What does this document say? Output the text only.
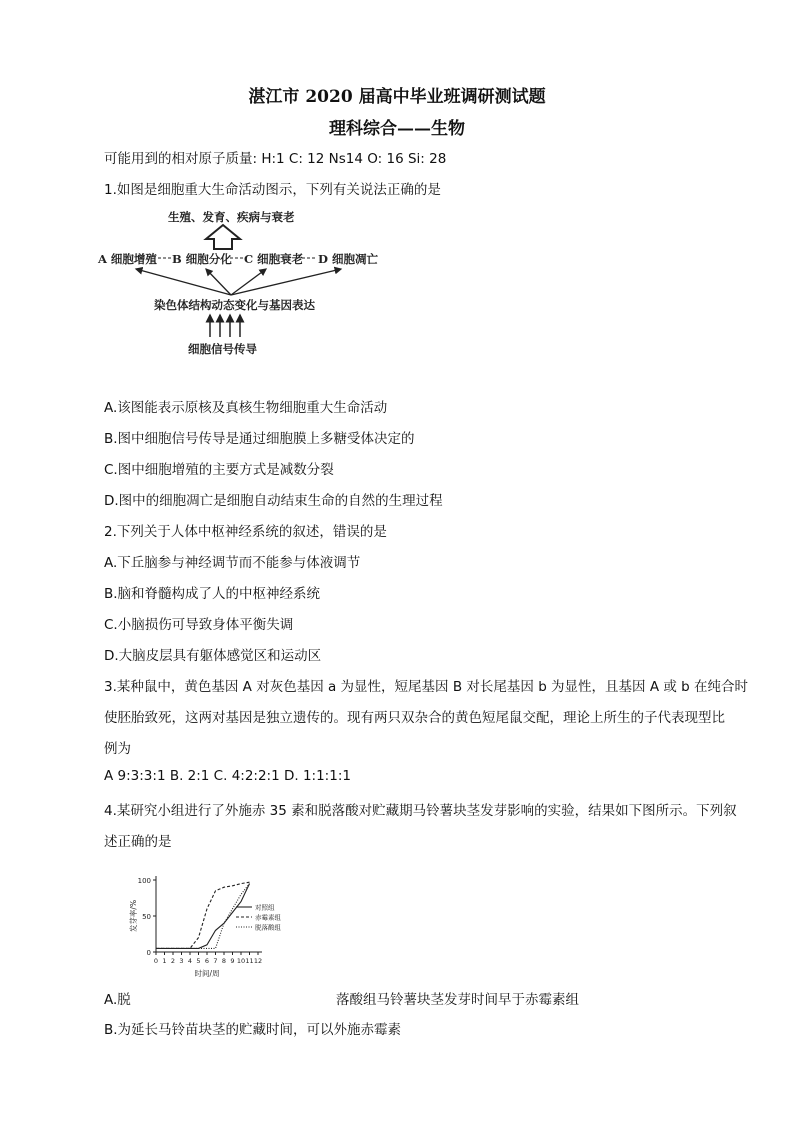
湛江市 2020 届高中毕业班调研测试题
理科综合——生物
可能用到的相对原子质量: H:1 C: 12 Ns14 O: 16 Si: 28
1.如图是细胞重大生命活动图示，下列有关说法正确的是
生殖、发育、疾病与衰老
A 细胞增殖 B 细胞分化 C 细胞衰老 D 细胞凋亡
染色体结构动态变化与基因表达
细胞信号传导
A.该图能表示原核及真核生物细胞重大生命活动
B.图中细胞信号传导是通过细胞膜上多糖受体决定的
C.图中细胞增殖的主要方式是减数分裂
D.图中的细胞凋亡是细胞自动结束生命的自然的生理过程
2.下列关于人体中枢神经系统的叙述，错误的是
A.下丘脑参与神经调节而不能参与体液调节
B.脑和脊髓构成了人的中枢神经系统
C.小脑损伤可导致身体平衡失调
D.大脑皮层具有躯体感觉区和运动区
3.某种鼠中，黄色基因 A 对灰色基因 a 为显性，短尾基因 B 对长尾基因 b 为显性，且基因 A 或 b 在纯合时
使胚胎致死，这两对基因是独立遗传的。现有两只双杂合的黄色短尾鼠交配，理论上所生的子代表现型比
例为
A 9:3:3:1 B. 2:1 C. 4:2:2:1 D. 1:1:1:1
4.某研究小组进行了外施赤 35 素和脱落酸对贮藏期马铃薯块茎发芽影响的实验，结果如下图所示。下列叙
述正确的是
0
50
100
0 1 2 3 4 5 6 7 8 9 10 11 12
发芽率/%
时间/周
对照组
赤霉素组
脱落酸组
A.脱	落酸组马铃薯块茎发芽时间早于赤霉素组
B.为延长马铃苗块茎的贮藏时间，可以外施赤霉素
